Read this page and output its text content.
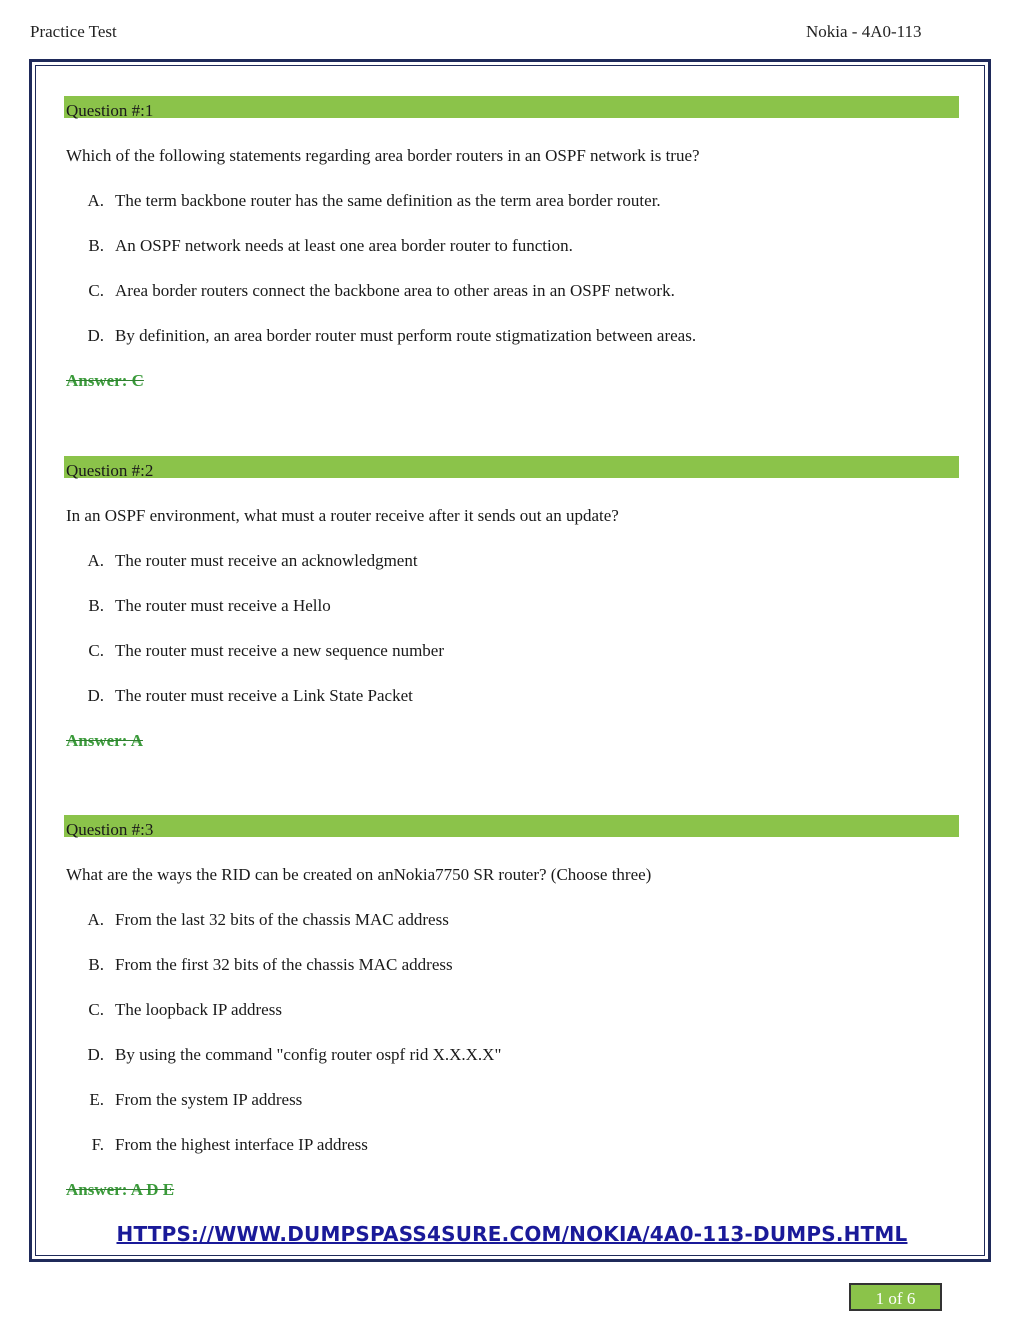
Practice Test	Nokia - 4A0-113
Question #:1
Which of the following statements regarding area border routers in an OSPF network is true?
A. The term backbone router has the same definition as the term area border router.
B. An OSPF network needs at least one area border router to function.
C. Area border routers connect the backbone area to other areas in an OSPF network.
D. By definition, an area border router must perform route stigmatization between areas.
Answer: C
Question #:2
In an OSPF environment, what must a router receive after it sends out an update?
A. The router must receive an acknowledgment
B. The router must receive a Hello
C. The router must receive a new sequence number
D. The router must receive a Link State Packet
Answer: A
Question #:3
What are the ways the RID can be created on anNokia7750 SR router? (Choose three)
A. From the last 32 bits of the chassis MAC address
B. From the first 32 bits of the chassis MAC address
C. The loopback IP address
D. By using the command "config router ospf rid X.X.X.X"
E. From the system IP address
F. From the highest interface IP address
Answer: A D E
HTTPS://WWW.DUMPSPASS4SURE.COM/NOKIA/4A0-113-DUMPS.HTML
1 of 6
